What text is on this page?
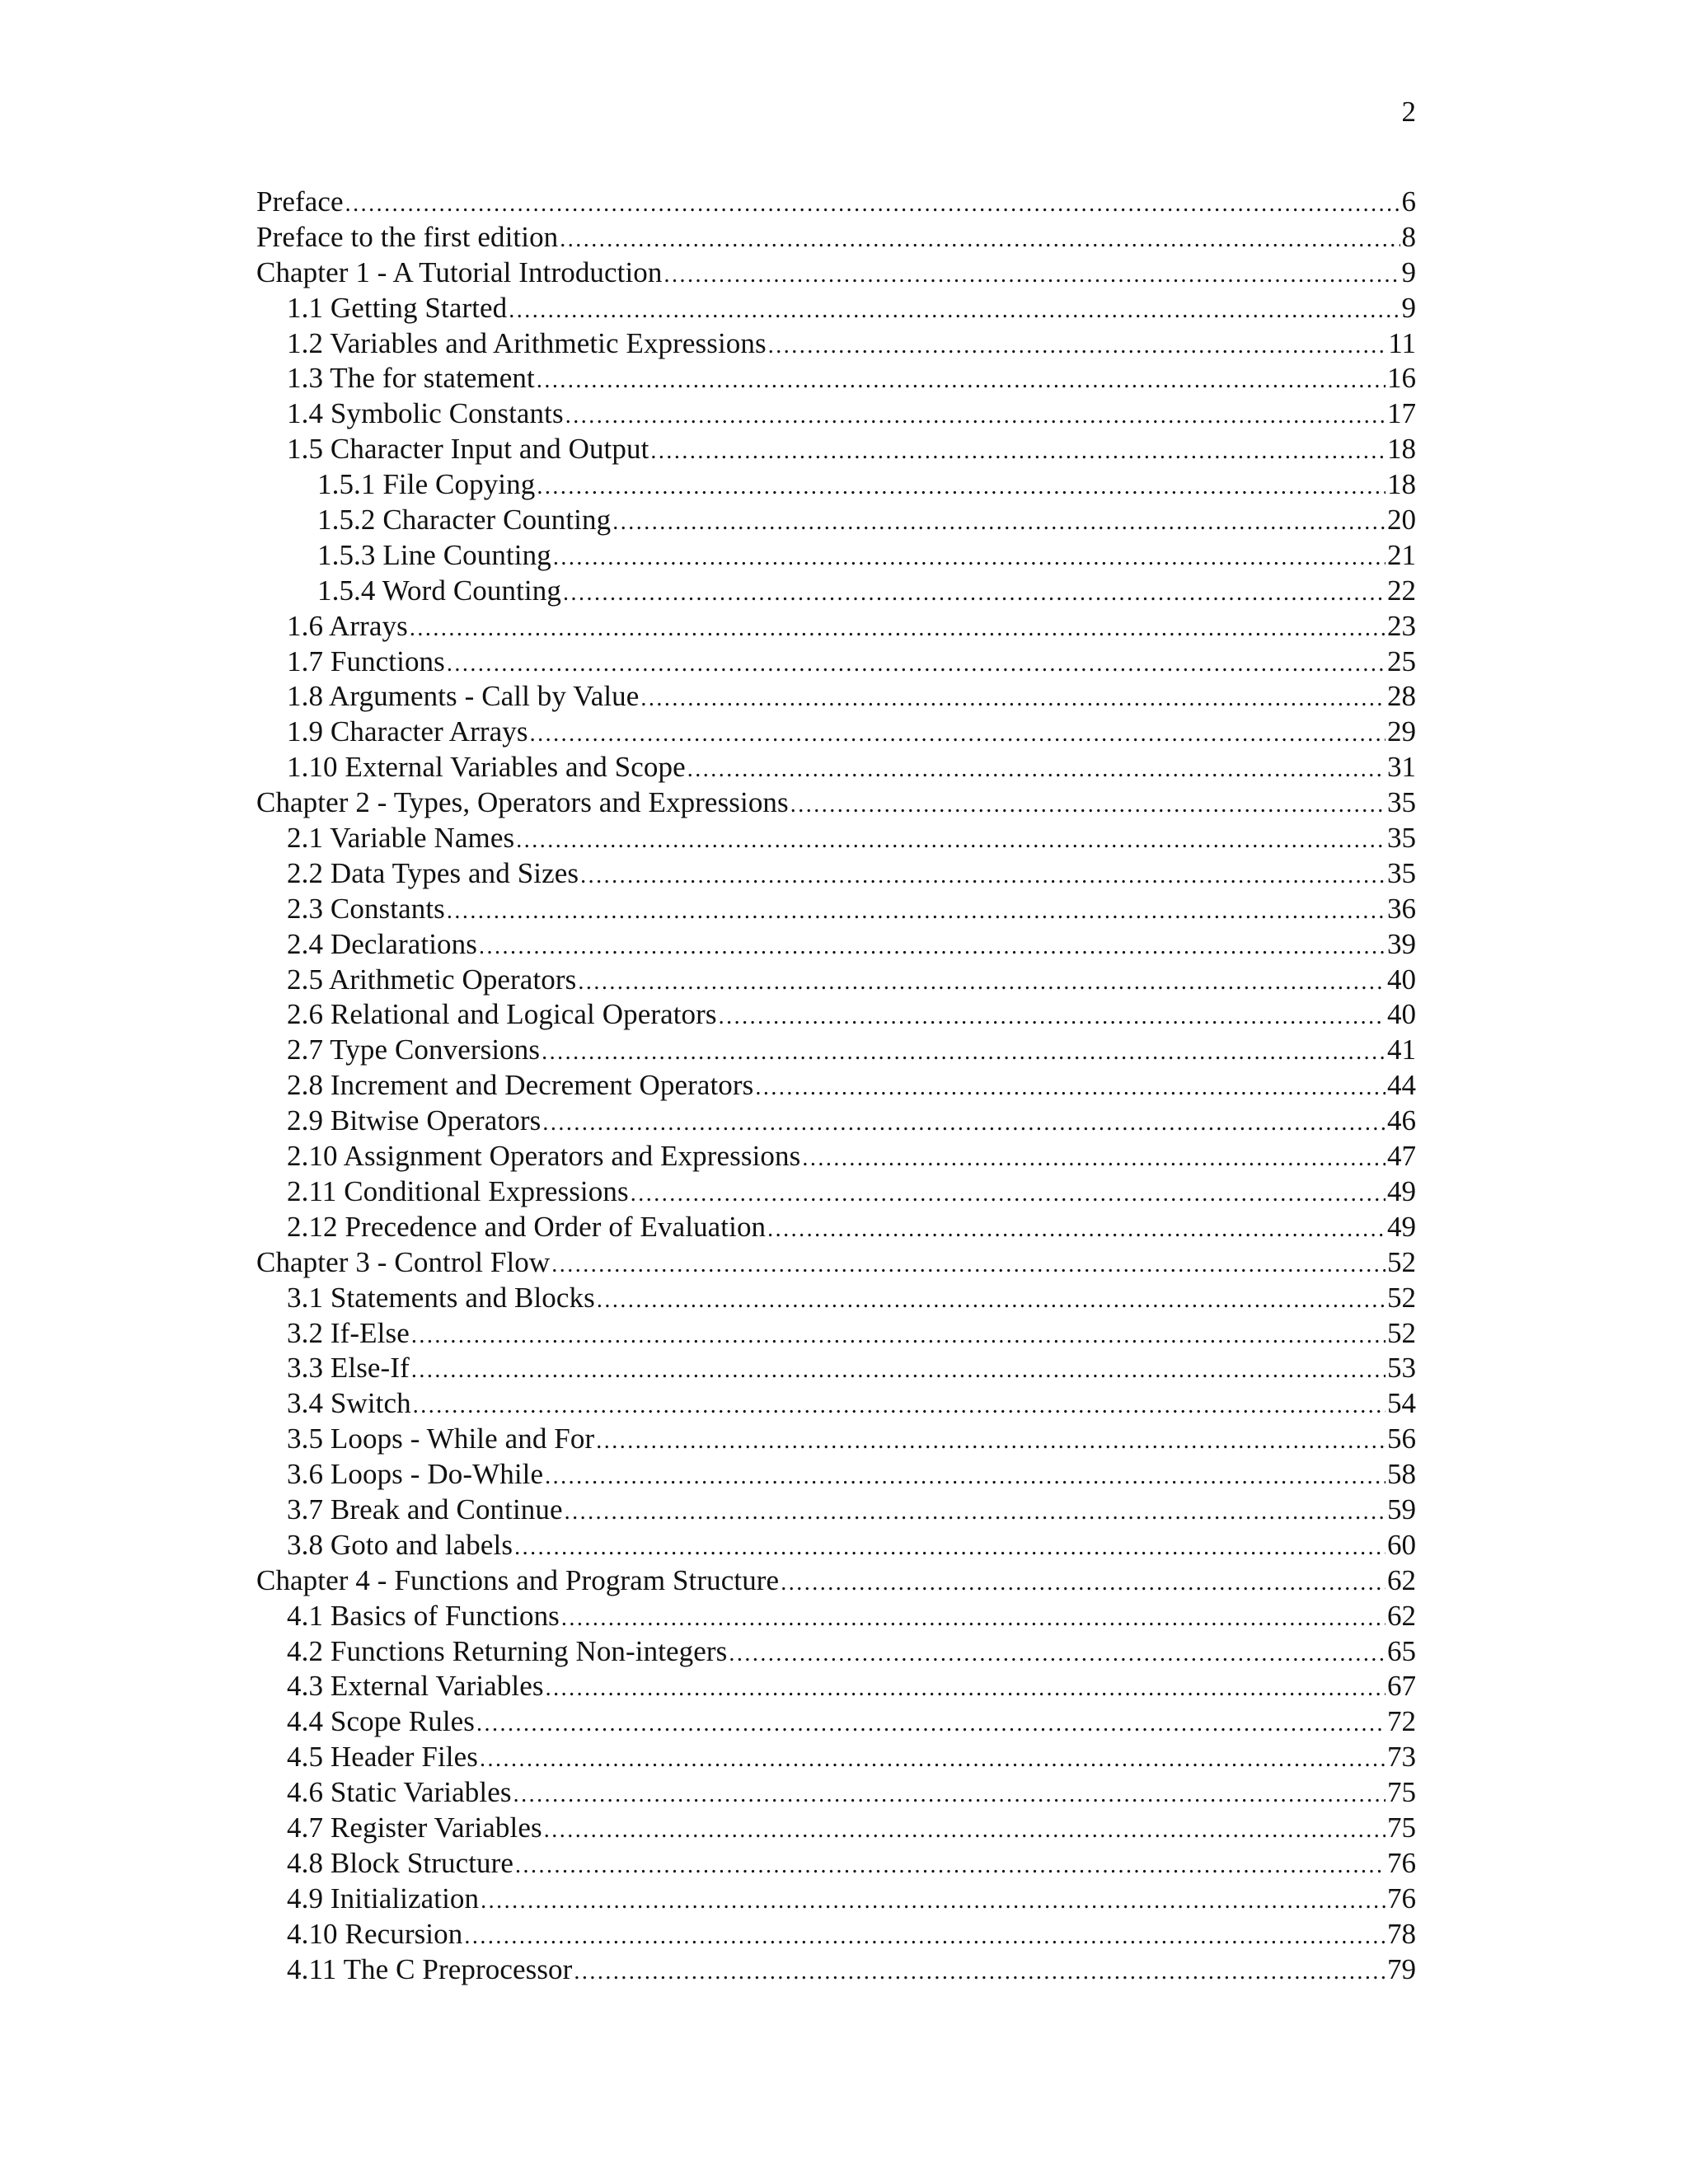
2
Preface .....	6
Preface to the first edition .....	8
Chapter 1 - A Tutorial Introduction .....	9
1.1 Getting Started .....	9
1.2 Variables and Arithmetic Expressions .....	11
1.3 The for statement .....	16
1.4 Symbolic Constants .....	17
1.5 Character Input and Output .....	18
1.5.1 File Copying .....	18
1.5.2 Character Counting .....	20
1.5.3 Line Counting .....	21
1.5.4 Word Counting .....	22
1.6 Arrays .....	23
1.7 Functions .....	25
1.8 Arguments - Call by Value .....	28
1.9 Character Arrays .....	29
1.10 External Variables and Scope .....	31
Chapter 2 - Types, Operators and Expressions .....	35
2.1 Variable Names .....	35
2.2 Data Types and Sizes .....	35
2.3 Constants .....	36
2.4 Declarations .....	39
2.5 Arithmetic Operators .....	40
2.6 Relational and Logical Operators .....	40
2.7 Type Conversions .....	41
2.8 Increment and Decrement Operators .....	44
2.9 Bitwise Operators .....	46
2.10 Assignment Operators and Expressions .....	47
2.11 Conditional Expressions .....	49
2.12 Precedence and Order of Evaluation .....	49
Chapter 3 - Control Flow .....	52
3.1 Statements and Blocks .....	52
3.2 If-Else .....	52
3.3 Else-If .....	53
3.4 Switch .....	54
3.5 Loops - While and For .....	56
3.6 Loops - Do-While .....	58
3.7 Break and Continue .....	59
3.8 Goto and labels .....	60
Chapter 4 - Functions and Program Structure .....	62
4.1 Basics of Functions .....	62
4.2 Functions Returning Non-integers .....	65
4.3 External Variables .....	67
4.4 Scope Rules .....	72
4.5 Header Files .....	73
4.6 Static Variables .....	75
4.7 Register Variables .....	75
4.8 Block Structure .....	76
4.9 Initialization .....	76
4.10 Recursion .....	78
4.11 The C Preprocessor .....	79
